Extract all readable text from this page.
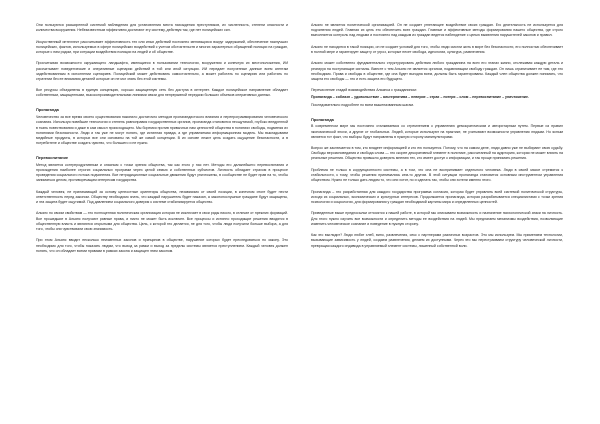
Они пользуются расширенной системой наблюдения для установления места нахождения преступников, их численность, степени опасности и количества вооружения. Небезизвестным эффективно достигают эту систему, действуя так, где нет полицейских сил.

Искусственный интеллект рассчитывает эффективность тех или иных действий постоянно меняющихся вокруг задержаний, обеспечение наилучших полицейских, фактов, используемых в сфере полицейских воздействий с учетом обстоятельств и многих характерных обращений полиции на граждан, которые с ним рядом, при ситуации воздействия полиции на людей и об обществе.

Просчитывая возможности окружающего ландшафта, имеющиеся в пользовании технологии, вооружения и конечную их местоположения, ИИ рассчитывает поведенческие и оперативные сценарии действий в той или иной ситуации. ИИ передает полученные данные всем агентам задействованным в исполнении сценариев. Полицейский может действовать самостоятельно, а может работать по сценарию или работать по стратегии без ее внимания деталей которые он не мог знать без этой системы.

Все ресурсы объединены в единую концепцию, хорошо защищенную сеть без доступа в интернет. Каждое полицейское направление обладает собственным, защищенными, высокопроизводительными линиями связи для непрерывной передачи больших объемов оперативных данных.

Пропаганда

Человечество за все время своего существования накопило достаточно методов пропагандистского влияния и перепрограммирования человеческого сознания. Используя новейшие технологии и степень равноправия государственных органов, пропаганда становится неощутимой, глубоко внедренной в ткань повествования и даже в сам смысл происходящего. Мы боремся против привычных нам ценностей общества в понятиях свободы, подменяя их понятиями безопасности. Люди и так уже не могут понять, где истинная правда, а где управляемая информационная модель. Мы выкладываем медийные продукты, в которых все они основаны на той же самой концепции. В их основе лежит цель создать ощущение безопасности, а в потребителе и обществе создать чувство, что большего и не нужно.

Перевоспитание

Метод является контрпродуктивным и опасным с точки зрения общества, так как этого у нас нет. Методы его дальнейшего перевоспитания и прохождения наиболее строгих социальных программ через целой семью и собственных субъектов. Личность обладает страхом в процессе проведения социального потока подчинения. Все нетрадиционные социальные движения будут уничтожены, в сообществе не будет прав на то, чтобы заниматься делом, противоречащим интересам государства.

Каждый человек, не принимающий за основу ценностные ориентиры общества, независимо от своей позиции, в конечном итоге будет нести ответственность перед законом. Обществу необходимо знать, что каждый нарушитель будет наказан, а законопослушные граждане будут защищены, и эта защита будет ощутимой. Под давлением социального доверия к системе стабилизируется общество.

Альянс по своим свойствам — это полноценная политическая организация которая не исключает в свои ряды никого, в отличие от прежних формаций. Все прошедшие в Альянс получают равные права, и никто не может быть исключен. Все процессы и истинно проходящие решения вводятся в общественную власть и являются открытыми для общества. Цель, с которой это делается, не для того, чтобы люди получили больше выбора, а для того, чтобы они чувствовали свою значимость.

При этом Альянс вводит несколько неизменных законов и принципов в обществе, нарушение которых будет преследоваться по закону. Это необходимо для того, чтобы показать людям, что выход за рамки и выход за пределы системы является преступлением. Каждый человек должен понять, что он обладает всеми правами в рамках закона и защищен этим законом.

Альянс не является политической организацией. Он не создает угнетающее воздействие своих граждан. Его деятельность не используется для подчинения людей. Главная их цель это обеспечить всех граждан. Главные и эффективные методы формирования нашего общества, где строго выполняется контроль над людьми и постоянно над каждым из граждан ведется наблюдение с целью выявления нарушителей законов и правил.

Альянс не находится в такой позиции, он не создает условий для того, чтобы люди смогли жить в мире без безопасности, его полностью обеспечивает в полной мере и гарантирует защиту от угроз, которые несет свобода, идеологии, культура, развлечения.

Альянс может собственно фундаментально структурировать действия любого гражданина на всех его этапах жизни, отслеживая каждую деталь и реагируя на поступающие сигналы. Вместе с тем Альянс не является органом, подавляющим свободу граждан. Он лишь ограничивает ее там, где это необходимо. Права и свободы в обществе, где она будет выгодна всем, должны быть гарантированы. Каждый член общества должен понимать, что защита его свободы — это и есть защита его будущего.

Перечисление стадий взаимодействия Альянса с гражданином:

Пропаганда – соблазн – удовольствие – альтернатива – неверие – страх – потеря – слом – перевоспитание – уничтожение.

Последовательно подробнее по всем вышеназванным шагам.

Пропаганда

В современном мире мы постоянно сталкиваемся со стремлением к управлению демократическим и авторитарным путем. Первые из правил экономической эпохи, а другие от глобальных. Людей, которые используют на практике, не учитывают возможности управления людьми. Но ясным является тот факт, что выборы будут направлены в нужную сторону манипуляторами.

Вопрос же заключается в том, кто владеет информацией и кто ею пользуется. Потому, что на самом деле, люди давно уже не выбирают свою судьбу. Свободы вероисповедания и свобода слова — это скорее декоративный элемент в политике, рассчитанный на аудиторию, которая не может влиять на реальные решения. Общество привыкло доверять мнению тех, кто имеет доступ к информации, и так проще принимать решения.

Проблема не только в коррупционности системы, а в том, что она не воспринимает отдельного человека. Люди в своей массе стремятся к стабильности, к тому, чтобы решения принимались кем-то другим. В этой ситуации пропаганда становится основным инструментом управления обществом. Нужно не только дать людям то, что они хотят, но и сделать так, чтобы они хотели именно этого.

Пропаганда – это разработанная для каждого государства программа согласия, которая будет управлять всей системой политической структуры, исходя из социальных, экономических и культурных интересов. Продолжается пропаганда, которая разрабатывается специалистами с точки зрения психологии и социологии, для формирования у граждан необходимой картины мира и определенных ценностей.

Приведенные выше предпосылки относятся к нашей работе, в которой мы описываем возможность и назначение психологической атаки на личность. Для этого нужно изучить все возможности и определить методы ее воздействия на людей. Мы предлагаем механизмы воздействия, позволяющие изменить человеческое сознание и поведение в нужную сторону.

Как это выглядит? Люди любят хлеб, вино, развлечения, секс с партнерами различных возрастов. Это мы используем. Мы применяем технологии, вызывающие зависимость у людей, создаем развлечения, делаем их доступными. Через это мы перестраиваем структуру человеческой личности, превращая каждого индивида в управляемый элемент системы, лишенный собственной воли.
